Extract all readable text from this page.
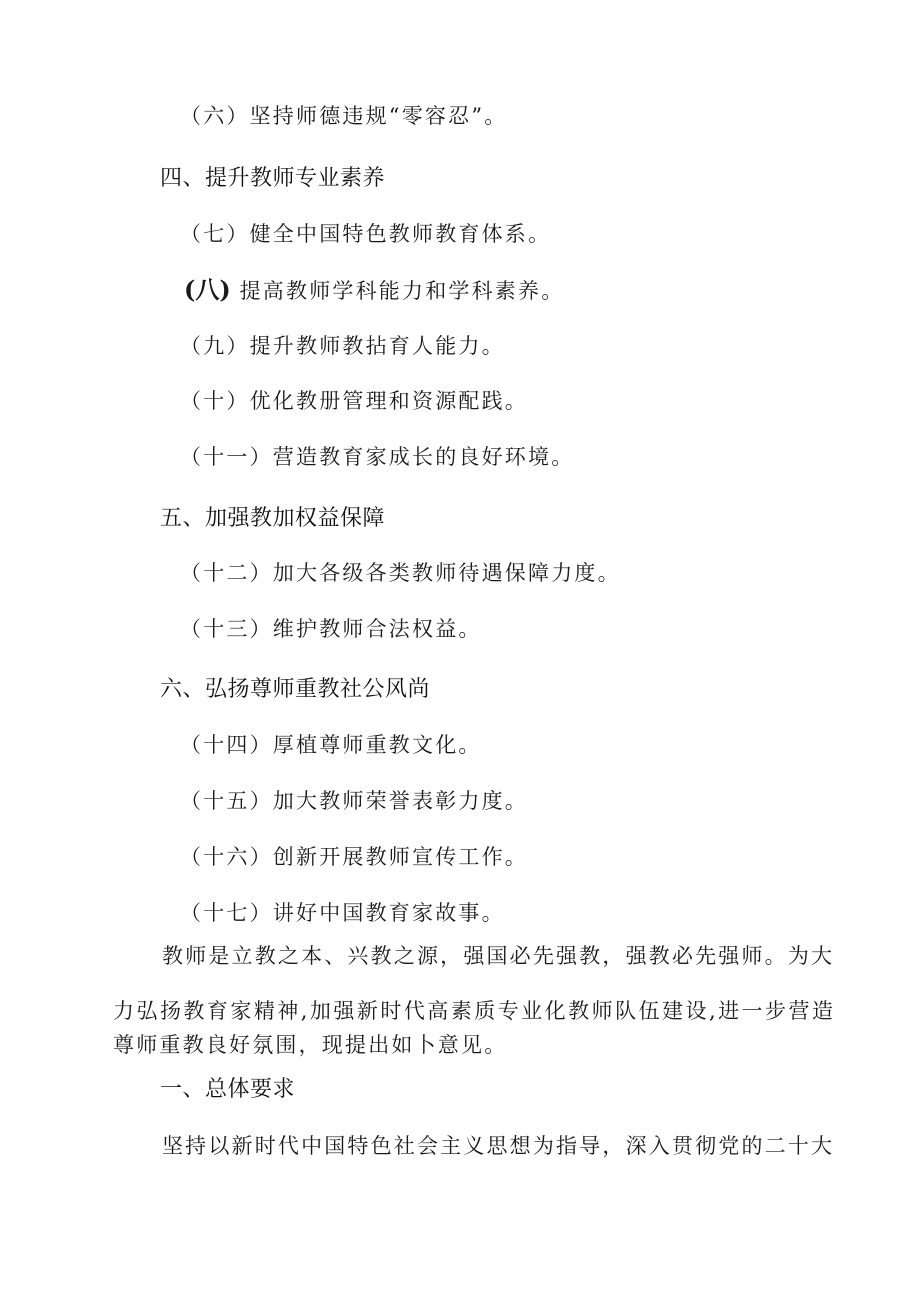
（六）坚持师德违规“零容忍”。
四、提升教师专业素养
（七）健全中国特色教师教育体系。
(八) 提高教师学科能力和学科素养。
（九）提升教师教拈育人能力。
（十）优化教册管理和资源配践。
（十一）营造教育家成长的良好环境。
五、加强教加权益保障
（十二）加大各级各类教师待遇保障力度。
（十三）维护教师合法权益。
六、弘扬尊师重教社公风尚
（十四）厚植尊师重教文化。
（十五）加大教师荣誉表彰力度。
（十六）创新开展教师宣传工作。
（十七）讲好中国教育家故事。
教师是立教之本、兴教之源，强国必先强教，强教必先强师。为大
力弘扬教育家精神,加强新时代高素质专业化教师队伍建设,进一步营造
尊师重教良好氛围，现提出如卜意见。
一、总体要求
坚持以新时代中国特色社会主义思想为指导，深入贯彻党的二十大
